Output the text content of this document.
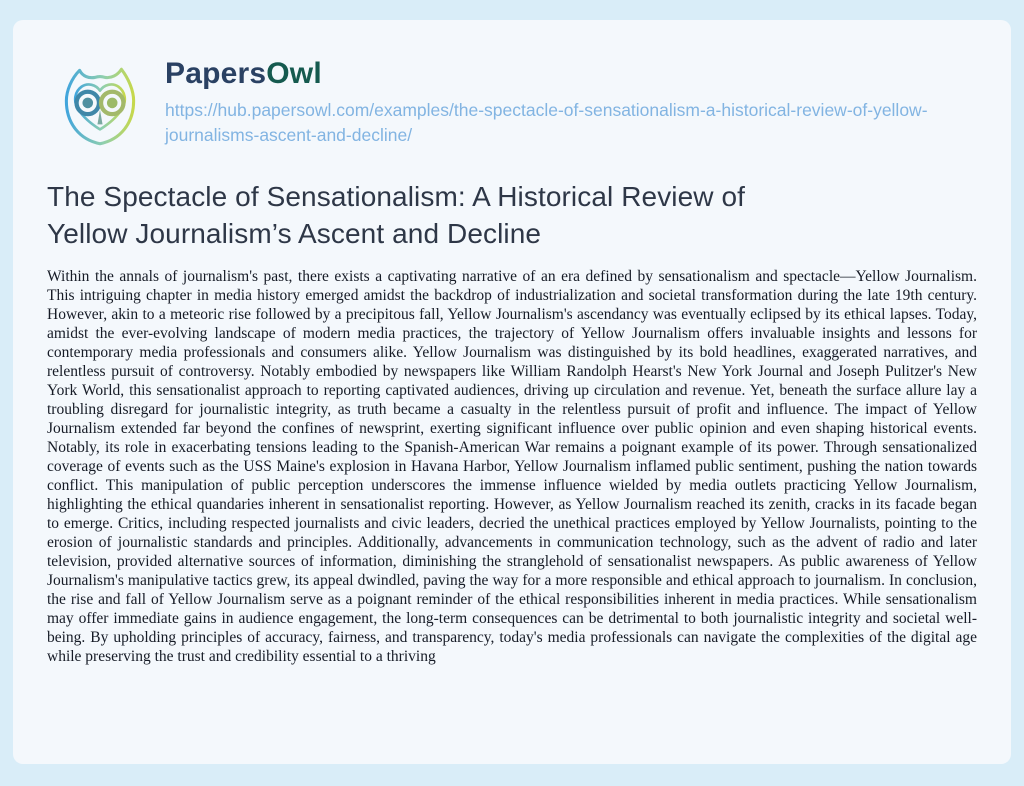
PapersOwl
https://hub.papersowl.com/examples/the-spectacle-of-sensationalism-a-historical-review-of-yellow-journalisms-ascent-and-decline/
The Spectacle of Sensationalism: A Historical Review of Yellow Journalism’s Ascent and Decline

Within the annals of journalism's past, there exists a captivating narrative of an era defined by sensationalism and spectacle—Yellow Journalism. This intriguing chapter in media history emerged amidst the backdrop of industrialization and societal transformation during the late 19th century. However, akin to a meteoric rise followed by a precipitous fall, Yellow Journalism's ascendancy was eventually eclipsed by its ethical lapses. Today, amidst the ever-evolving landscape of modern media practices, the trajectory of Yellow Journalism offers invaluable insights and lessons for contemporary media professionals and consumers alike. Yellow Journalism was distinguished by its bold headlines, exaggerated narratives, and relentless pursuit of controversy. Notably embodied by newspapers like William Randolph Hearst's New York Journal and Joseph Pulitzer's New York World, this sensationalist approach to reporting captivated audiences, driving up circulation and revenue. Yet, beneath the surface allure lay a troubling disregard for journalistic integrity, as truth became a casualty in the relentless pursuit of profit and influence. The impact of Yellow Journalism extended far beyond the confines of newsprint, exerting significant influence over public opinion and even shaping historical events. Notably, its role in exacerbating tensions leading to the Spanish-American War remains a poignant example of its power. Through sensationalized coverage of events such as the USS Maine's explosion in Havana Harbor, Yellow Journalism inflamed public sentiment, pushing the nation towards conflict. This manipulation of public perception underscores the immense influence wielded by media outlets practicing Yellow Journalism, highlighting the ethical quandaries inherent in sensationalist reporting. However, as Yellow Journalism reached its zenith, cracks in its facade began to emerge. Critics, including respected journalists and civic leaders, decried the unethical practices employed by Yellow Journalists, pointing to the erosion of journalistic standards and principles. Additionally, advancements in communication technology, such as the advent of radio and later television, provided alternative sources of information, diminishing the stranglehold of sensationalist newspapers. As public awareness of Yellow Journalism's manipulative tactics grew, its appeal dwindled, paving the way for a more responsible and ethical approach to journalism. In conclusion, the rise and fall of Yellow Journalism serve as a poignant reminder of the ethical responsibilities inherent in media practices. While sensationalism may offer immediate gains in audience engagement, the long-term consequences can be detrimental to both journalistic integrity and societal well-being. By upholding principles of accuracy, fairness, and transparency, today's media professionals can navigate the complexities of the digital age while preserving the trust and credibility essential to a thriving
